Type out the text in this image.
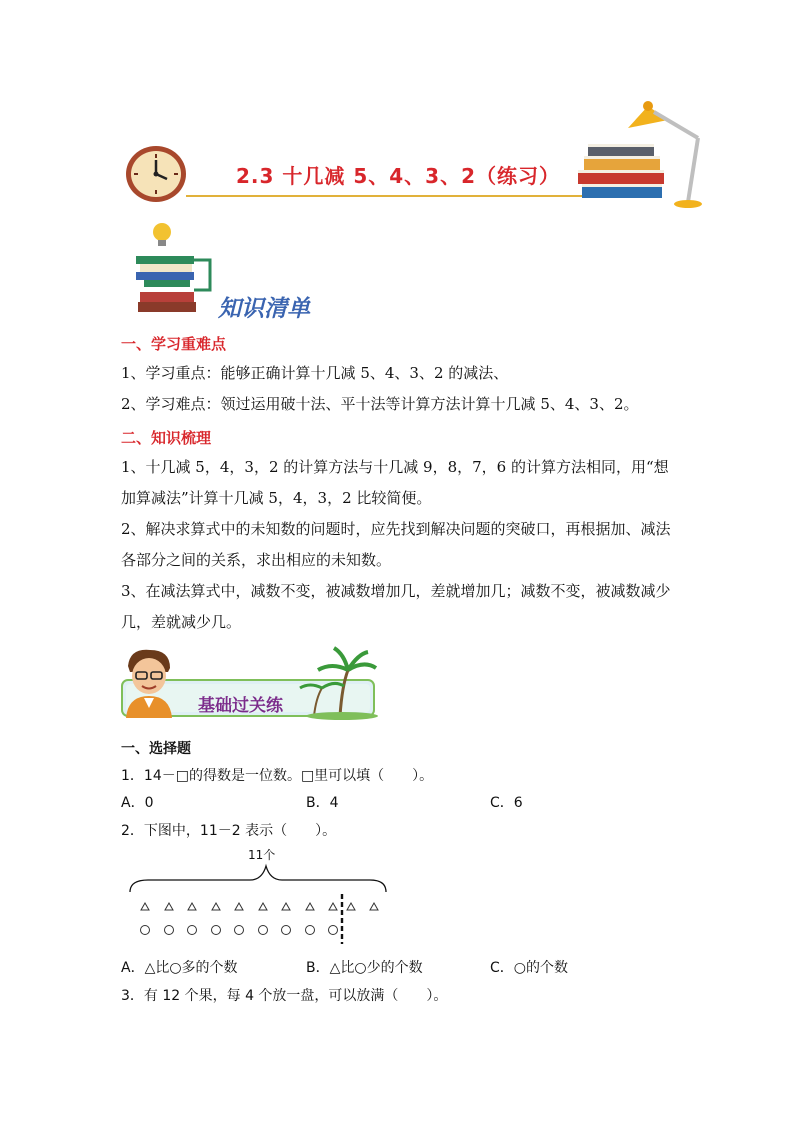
2.3 十几减 5、4、3、2（练习）
知识清单
一、学习重难点
1、学习重点：能够正确计算十几减 5、4、3、2 的减法、
2、学习难点：领过运用破十法、平十法等计算方法计算十几减 5、4、3、2。
二、知识梳理
1、十几减 5，4，3，2 的计算方法与十几减 9，8，7，6 的计算方法相同，用“想加算减法”计算十几减 5，4，3，2 比较简便。
2、解决求算式中的未知数的问题时，应先找到解决问题的突破口，再根据加、减法各部分之间的关系，求出相应的未知数。
3、在减法算式中，减数不变，被减数增加几，差就增加几；减数不变，被减数减少几，差就减少几。
基础过关练
一、选择题
1．14－□的得数是一位数。□里可以填（　　）。
A．0	B．4	C．6
2．下图中，11－2 表示（　　）。
11个
A．△比○多的个数	B．△比○少的个数	C．○的个数
3．有 12 个果，每 4 个放一盘，可以放满（　　）。
